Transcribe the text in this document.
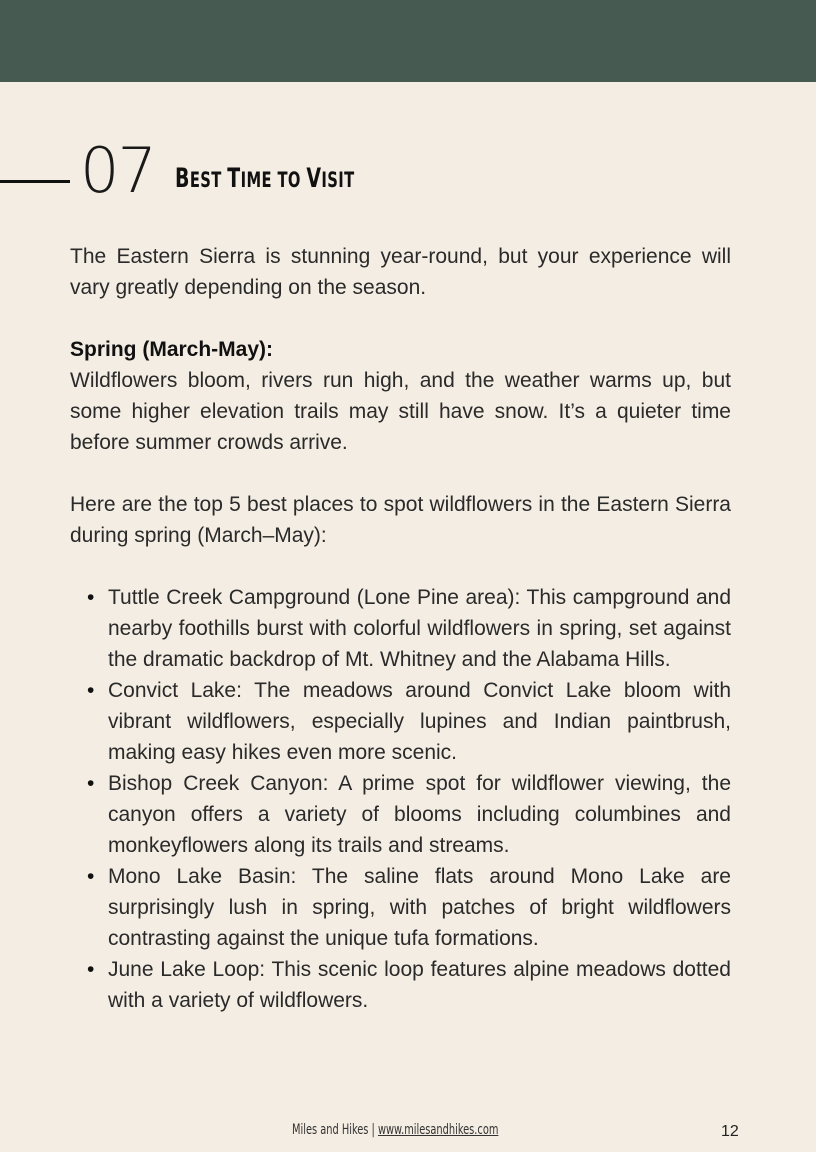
07 BEST TIME TO VISIT

The Eastern Sierra is stunning year-round, but your experience will vary greatly depending on the season.

Spring (March-May):

Wildflowers bloom, rivers run high, and the weather warms up, but some higher elevation trails may still have snow. It’s a quieter time before summer crowds arrive.

Here are the top 5 best places to spot wildflowers in the Eastern Sierra during spring (March–May):

• Tuttle Creek Campground (Lone Pine area): This campground and nearby foothills burst with colorful wildflowers in spring, set against the dramatic backdrop of Mt. Whitney and the Alabama Hills.
• Convict Lake: The meadows around Convict Lake bloom with vibrant wildflowers, especially lupines and Indian paintbrush, making easy hikes even more scenic.
• Bishop Creek Canyon: A prime spot for wildflower viewing, the canyon offers a variety of blooms including columbines and monkeyflowers along its trails and streams.
• Mono Lake Basin: The saline flats around Mono Lake are surprisingly lush in spring, with patches of bright wildflowers contrasting against the unique tufa formations.
• June Lake Loop: This scenic loop features alpine meadows dotted with a variety of wildflowers.
Miles and Hikes | www.milesandhikes.com	12
